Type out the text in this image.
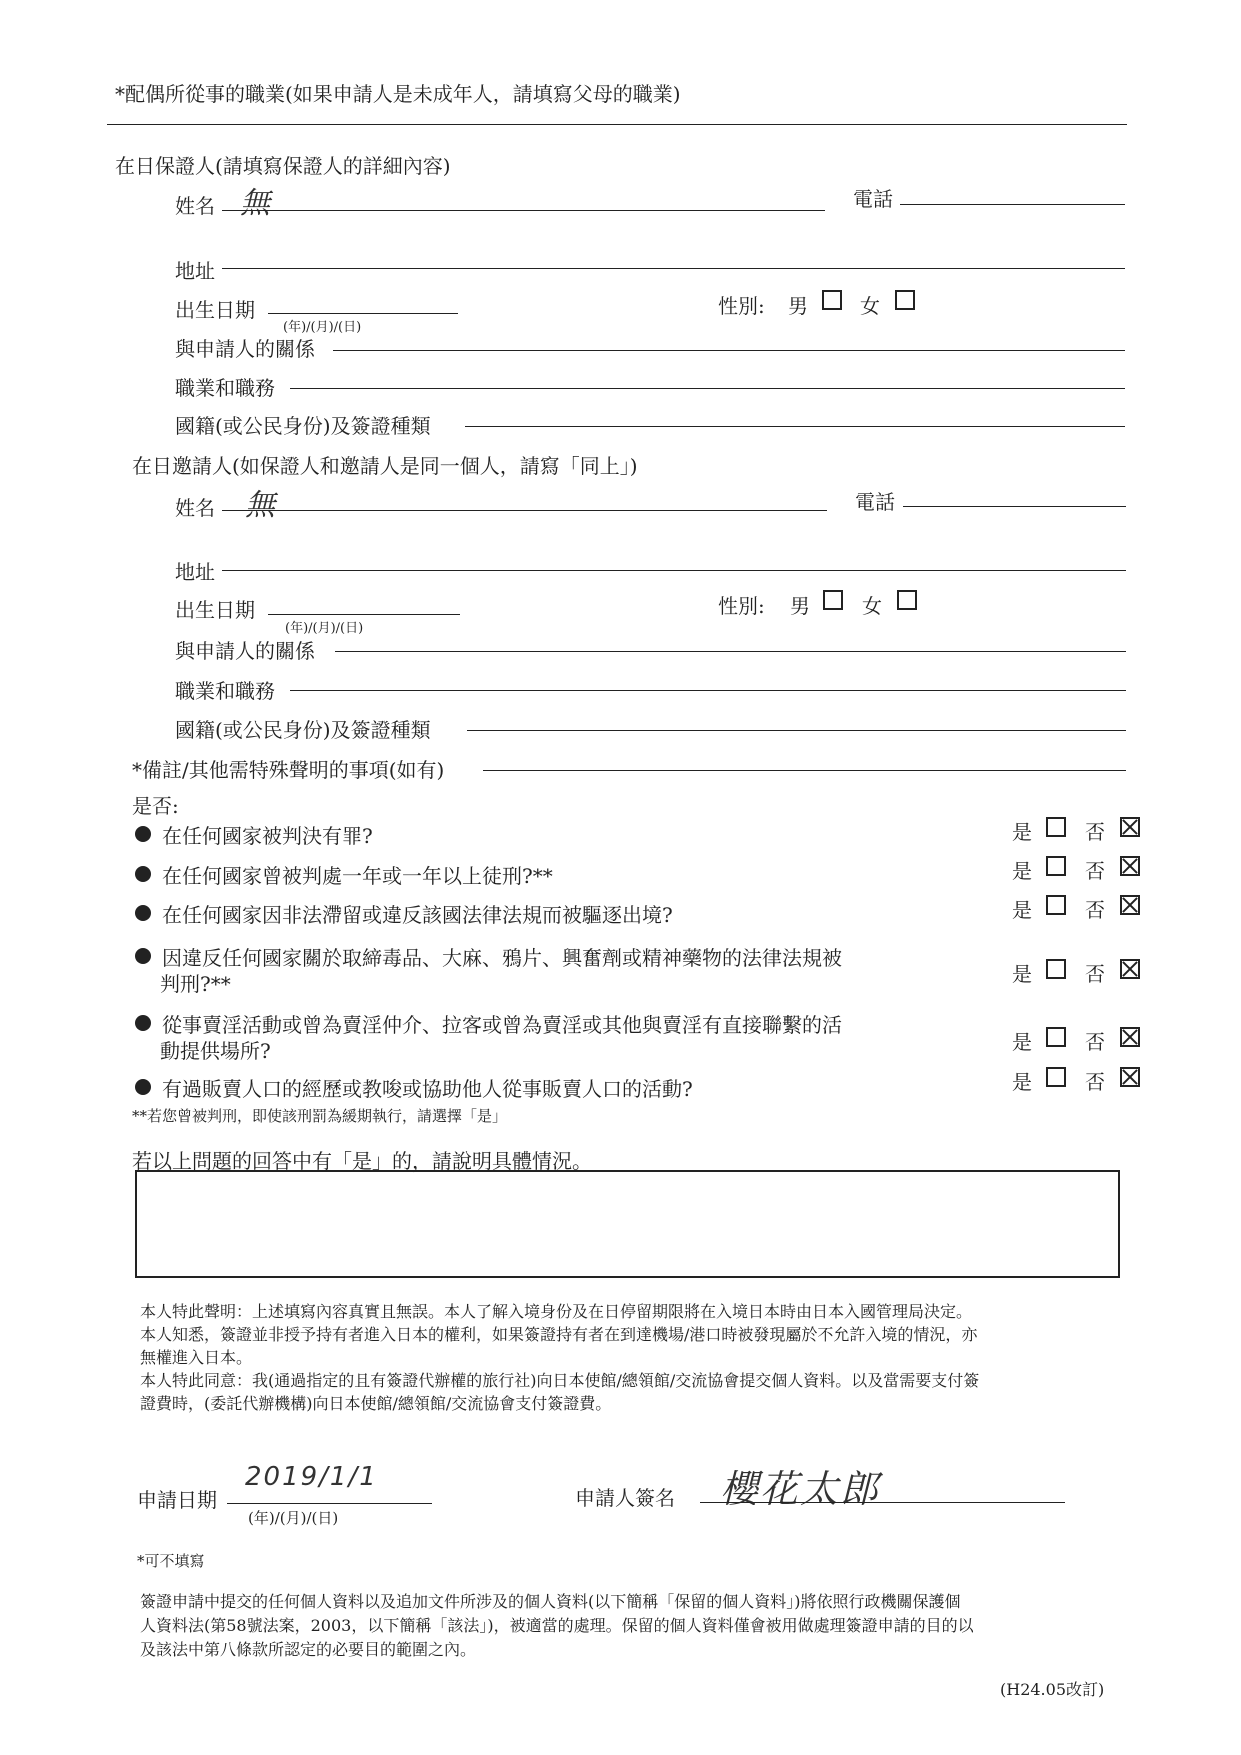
*配偶所從事的職業(如果申請人是未成年人，請填寫父母的職業)
在日保證人(請填寫保證人的詳細內容)
姓名 無	電話
地址
出生日期
(年)/(月)/(日)
性別: 男	女
與申請人的關係
職業和職務
國籍(或公民身份)及簽證種類
在日邀請人(如保證人和邀請人是同一個人，請寫「同上」)
姓名 無	電話
地址
出生日期
(年)/(月)/(日)
性別: 男	女
與申請人的關係
職業和職務
國籍(或公民身份)及簽證種類
*備註/其他需特殊聲明的事項(如有)
是否:
在任何國家被判決有罪?	是	否
在任何國家曾被判處一年或一年以上徒刑?**	是	否
在任何國家因非法滯留或違反該國法律法規而被驅逐出境?	是	否
因違反任何國家關於取締毒品、大麻、鴉片、興奮劑或精神藥物的法律法規被
判刑?**	是	否
從事賣淫活動或曾為賣淫仲介、拉客或曾為賣淫或其他與賣淫有直接聯繫的活
動提供場所?	是	否
有過販賣人口的經歷或教唆或協助他人從事販賣人口的活動?	是	否
**若您曾被判刑，即使該刑罰為緩期執行，請選擇「是」
若以上問題的回答中有「是」的，請說明具體情況。
本人特此聲明：上述填寫內容真實且無誤。本人了解入境身份及在日停留期限將在入境日本時由日本入國管理局決定。
本人知悉，簽證並非授予持有者進入日本的權利，如果簽證持有者在到達機場/港口時被發現屬於不允許入境的情況，亦
無權進入日本。
本人特此同意：我(通過指定的且有簽證代辦權的旅行社)向日本使館/總領館/交流協會提交個人資料。以及當需要支付簽
證費時，(委託代辦機構)向日本使館/總領館/交流協會支付簽證費。
申請日期
2019/1/1
(年)/(月)/(日)
申請人簽名 櫻花太郎
*可不填寫
簽證申請中提交的任何個人資料以及追加文件所涉及的個人資料(以下簡稱「保留的個人資料」)將依照行政機關保護個
人資料法(第58號法案，2003，以下簡稱「該法」)，被適當的處理。保留的個人資料僅會被用做處理簽證申請的目的以
及該法中第八條款所認定的必要目的範圍之內。
(H24.05改訂)
